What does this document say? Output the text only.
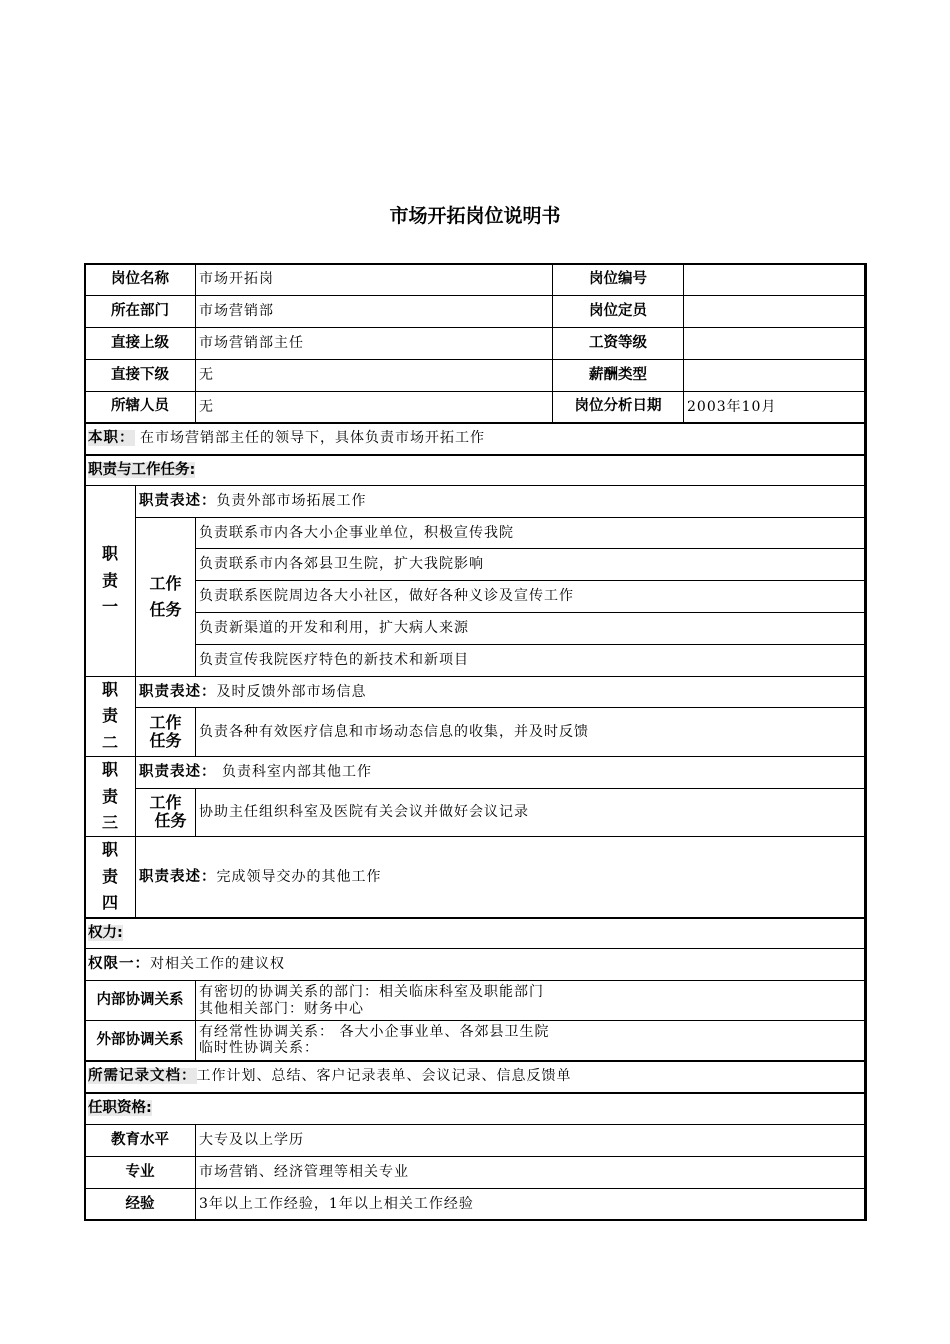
市场开拓岗位说明书
岗位名称		市场开拓岗	岗位编号	
所在部门		市场营销部	岗位定员	
直接上级		市场营销部主任	工资等级	
直接下级		无	薪酬类型	
所辖人员		无	岗位分析日期	2003年10月
本职： 在市场营销部主任的领导下，具体负责市场开拓工作				
职责与工作任务:				

职
责
一	职责表述：负责外部市场拓展工作			

	工作
任务	负责联系市内各大小企事业单位，积极宣传我院		
		负责联系市内各郊县卫生院，扩大我院影响		
		负责联系医院周边各大小社区，做好各种义诊及宣传工作		
		负责新渠道的开发和利用，扩大病人来源		
		负责宣传我院医疗特色的新技术和新项目		

职
责
二	职责表述：及时反馈外部市场信息			

	工作
任务	负责各种有效医疗信息和市场动态信息的收集，并及时反馈		

职
责
三	职责表述： 负责科室内部其他工作			

	工作
任务	协助主任组织科室及医院有关会议并做好会议记录		

职
责
四	职责表述：完成领导交办的其他工作			
权力:				
权限一：对相关工作的建议权				
内部协调关系		有密切的协调关系的部门：相关临床科室及职能部门
其他相关部门：财务中心		

外部协调关系		有经常性协调关系： 各大小企事业单、各郊县卫生院
临时性协调关系：		

所需记录文档：工作计划、总结、客户记录表单、会议记录、信息反馈单				
任职资格:				
教育水平		大专及以上学历		
专业		市场营销、经济管理等相关专业		
经验		3年以上工作经验，1年以上相关工作经验		
